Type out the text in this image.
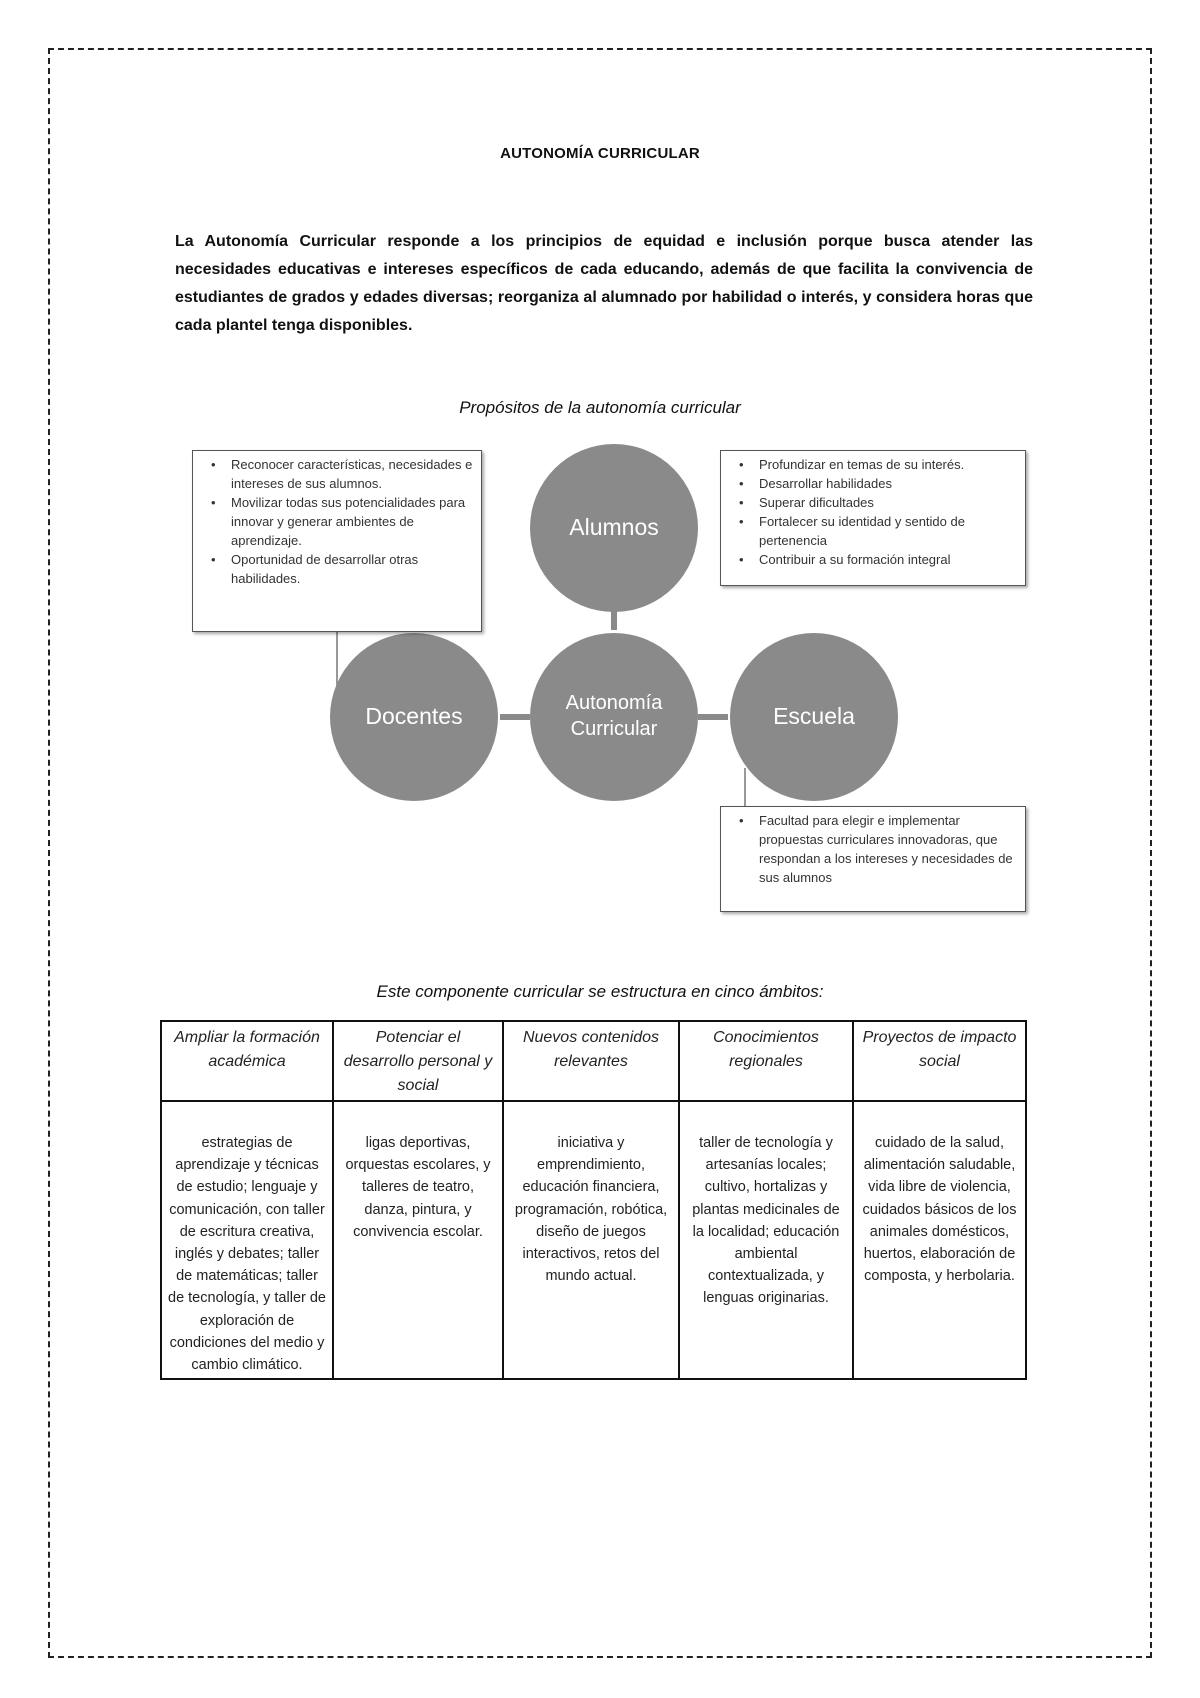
AUTONOMÍA CURRICULAR

La Autonomía Curricular responde a los principios de equidad e inclusión porque busca atender las necesidades educativas e intereses específicos de cada educando, además de que facilita la convivencia de estudiantes de grados y edades diversas; reorganiza al alumnado por habilidad o interés, y considera horas que cada plantel tenga disponibles.

Propósitos de la autonomía curricular
Alumnos
Docentes	Escuela
Autonomía
Curricular
• Reconocer características, necesidades e intereses de sus alumnos.
• Movilizar todas sus potencialidades para innovar y generar ambientes de aprendizaje.
• Oportunidad de desarrollar otras habilidades.
• Profundizar en temas de su interés.
• Desarrollar habilidades
• Superar dificultades
• Fortalecer su identidad y sentido de pertenencia
• Contribuir a su formación integral
• Facultad para elegir e implementar propuestas curriculares innovadoras, que respondan a los intereses y necesidades de sus alumnos
Este componente curricular se estructura en cinco ámbitos:
Ampliar la formación académica	Potenciar el desarrollo personal y social	Nuevos contenidos relevantes	Conocimientos regionales	Proyectos de impacto social
estrategias de aprendizaje y técnicas de estudio; lenguaje y comunicación, con taller de escritura creativa, inglés y debates; taller de matemáticas; taller de tecnología, y taller de exploración de condiciones del medio y cambio climático.	ligas deportivas, orquestas escolares, y talleres de teatro, danza, pintura, y convivencia escolar.	iniciativa y emprendimiento, educación financiera, programación, robótica, diseño de juegos interactivos, retos del mundo actual.	taller de tecnología y artesanías locales; cultivo, hortalizas y plantas medicinales de la localidad; educación ambiental contextualizada, y lenguas originarias.	cuidado de la salud, alimentación saludable, vida libre de violencia, cuidados básicos de los animales domésticos, huertos, elaboración de composta, y herbolaria.
